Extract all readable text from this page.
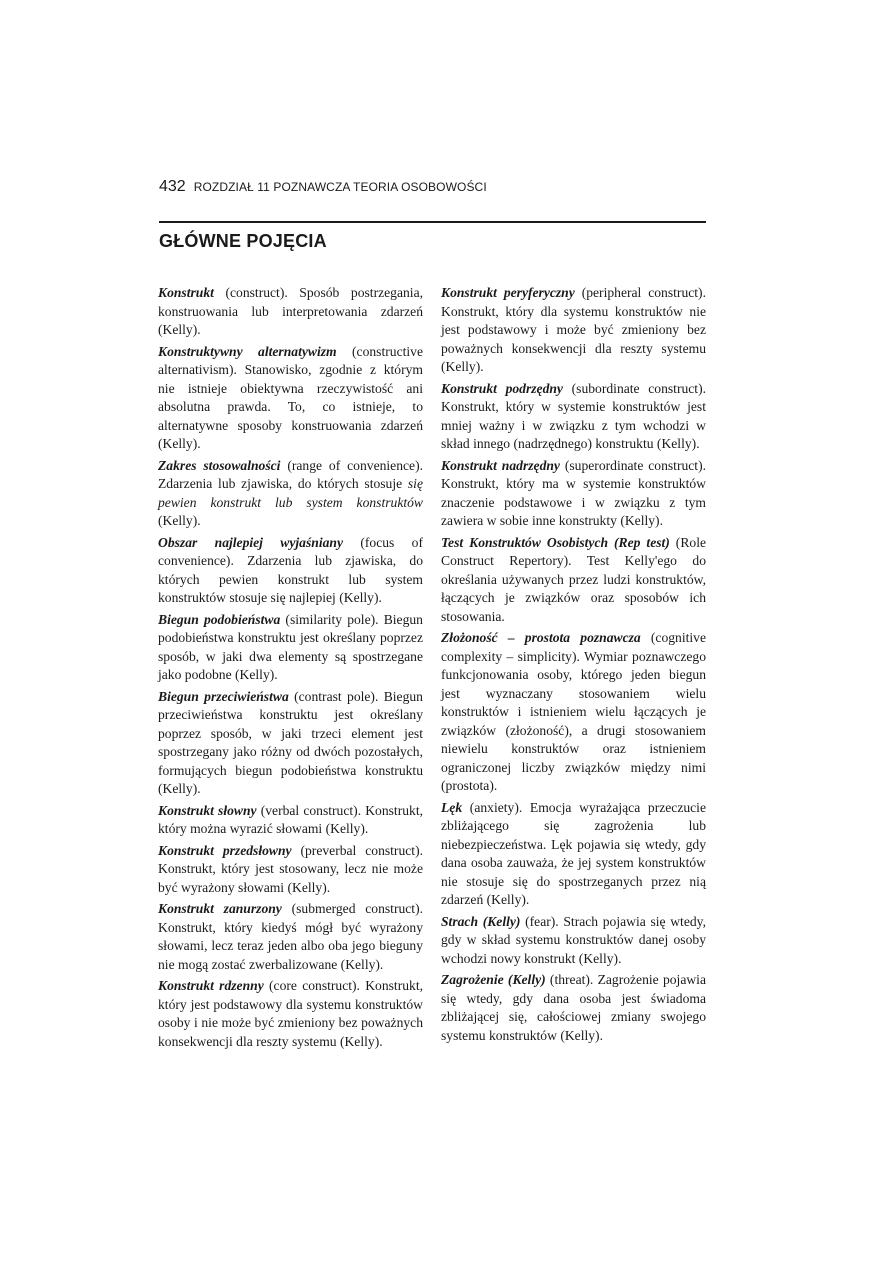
432 ROZDZIAŁ 11 POZNAWCZA TEORIA OSOBOWOŚCI
GŁÓWNE POJĘCIA

Konstrukt (construct). Sposób postrzegania, konstruowania lub interpretowania zdarzeń (Kelly).

Konstruktywny alternatywizm (constructive alternativism). Stanowisko, zgodnie z którym nie istnieje obiektywna rzeczywistość ani absolutna prawda. To, co istnieje, to alternatywne sposoby konstruowania zdarzeń (Kelly).

Zakres stosowalności (range of convenience). Zdarzenia lub zjawiska, do których stosuje się pewien konstrukt lub system konstruktów (Kelly).

Obszar najlepiej wyjaśniany (focus of convenience). Zdarzenia lub zjawiska, do których pewien konstrukt lub system konstruktów stosuje się najlepiej (Kelly).

Biegun podobieństwa (similarity pole). Biegun podobieństwa konstruktu jest określany poprzez sposób, w jaki dwa elementy są spostrzegane jako podobne (Kelly).

Biegun przeciwieństwa (contrast pole). Biegun przeciwieństwa konstruktu jest określany poprzez sposób, w jaki trzeci element jest spostrzegany jako różny od dwóch pozostałych, formujących biegun podobieństwa konstruktu (Kelly).

Konstrukt słowny (verbal construct). Konstrukt, który można wyrazić słowami (Kelly).

Konstrukt przedsłowny (preverbal construct). Konstrukt, który jest stosowany, lecz nie może być wyrażony słowami (Kelly).

Konstrukt zanurzony (submerged construct). Konstrukt, który kiedyś mógł być wyrażony słowami, lecz teraz jeden albo oba jego bieguny nie mogą zostać zwerbalizowane (Kelly).

Konstrukt rdzenny (core construct). Konstrukt, który jest podstawowy dla systemu konstruktów osoby i nie może być zmieniony bez poważnych konsekwencji dla reszty systemu (Kelly).

Konstrukt peryferyczny (peripheral construct). Konstrukt, który dla systemu konstruktów nie jest podstawowy i może być zmieniony bez poważnych konsekwencji dla reszty systemu (Kelly).

Konstrukt podrzędny (subordinate construct). Konstrukt, który w systemie konstruktów jest mniej ważny i w związku z tym wchodzi w skład innego (nadrzędnego) konstruktu (Kelly).

Konstrukt nadrzędny (superordinate construct). Konstrukt, który ma w systemie konstruktów znaczenie podstawowe i w związku z tym zawiera w sobie inne konstrukty (Kelly).

Test Konstruktów Osobistych (Rep test) (Role Construct Repertory). Test Kelly'ego do określania używanych przez ludzi konstruktów, łączących je związków oraz sposobów ich stosowania.

Złożoność – prostota poznawcza (cognitive complexity – simplicity). Wymiar poznawczego funkcjonowania osoby, którego jeden biegun jest wyznaczany stosowaniem wielu konstruktów i istnieniem wielu łączących je związków (złożoność), a drugi stosowaniem niewielu konstruktów oraz istnieniem ograniczonej liczby związków między nimi (prostota).

Lęk (anxiety). Emocja wyrażająca przeczucie zbliżającego się zagrożenia lub niebezpieczeństwa. Lęk pojawia się wtedy, gdy dana osoba zauważa, że jej system konstruktów nie stosuje się do spostrzeganych przez nią zdarzeń (Kelly).

Strach (Kelly) (fear). Strach pojawia się wtedy, gdy w skład systemu konstruktów danej osoby wchodzi nowy konstrukt (Kelly).

Zagrożenie (Kelly) (threat). Zagrożenie pojawia się wtedy, gdy dana osoba jest świadoma zbliżającej się, całościowej zmiany swojego systemu konstruktów (Kelly).
